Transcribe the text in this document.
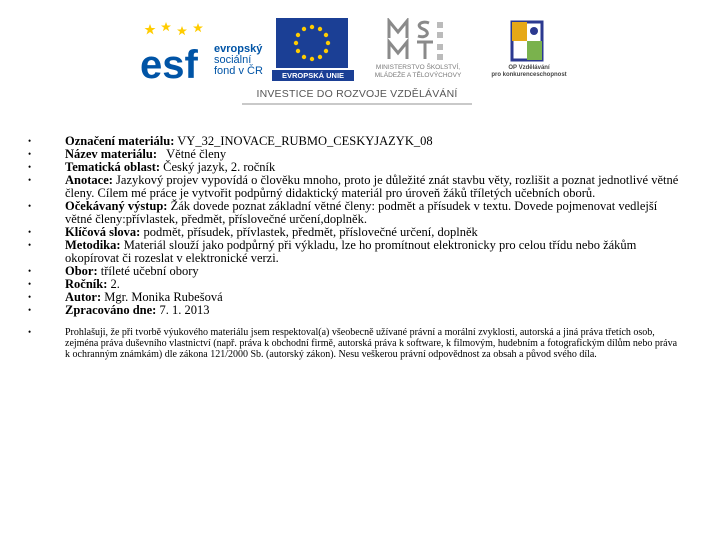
esf evropský
sociální
fond v ČR	EVROPSKÁ UNIE
MINISTERSTVO ŠKOLSTVÍ,
MLÁDEŽE A TĚLOVÝCHOVY
OP Vzdělávání
pro konkurenceschopnost
INVESTICE DO ROZVOJE VZDĚLÁVÁNÍ
•	Označení materiálu: VY_32_INOVACE_RUBMO_CESKYJAZYK_08
•	Název materiálu:   Větné členy
•	Tematická oblast: Český jazyk, 2. ročník
•	Anotace: Jazykový projev vypovídá o člověku mnoho, proto je důležité znát stavbu věty, rozlišit a poznat jednotlivé větné členy. Cílem mé práce je vytvořit podpůrný didaktický materiál pro úroveň žáků tříletých učebních oborů.
•	Očekávaný výstup: Žák dovede poznat základní větné členy: podmět a přísudek v textu. Dovede pojmenovat vedlejší větné členy:přívlastek, předmět, příslovečné určení,doplněk.
•	Klíčová slova: podmět, přísudek, přívlastek, předmět, příslovečné určení, doplněk
•	Metodika: Materiál slouží jako podpůrný při výkladu, lze ho promítnout elektronicky pro celou třídu nebo žákům okopírovat či rozeslat v elektronické verzi.
•	Obor: tříleté učební obory
•	Ročník: 2.
•	Autor: Mgr. Monika Rubešová
•	Zpracováno dne: 7. 1. 2013
•	Prohlašuji, že při tvorbě výukového materiálu jsem respektoval(a) všeobecně užívané právní a morální zvyklosti, autorská a jiná práva třetích osob, zejména práva duševního vlastnictví (např. práva k obchodní firmě, autorská práva k software, k filmovým, hudebním a fotografickým dílům nebo práva k ochranným známkám) dle zákona 121/2000 Sb. (autorský zákon). Nesu veškerou právní odpovědnost za obsah a původ svého díla.
